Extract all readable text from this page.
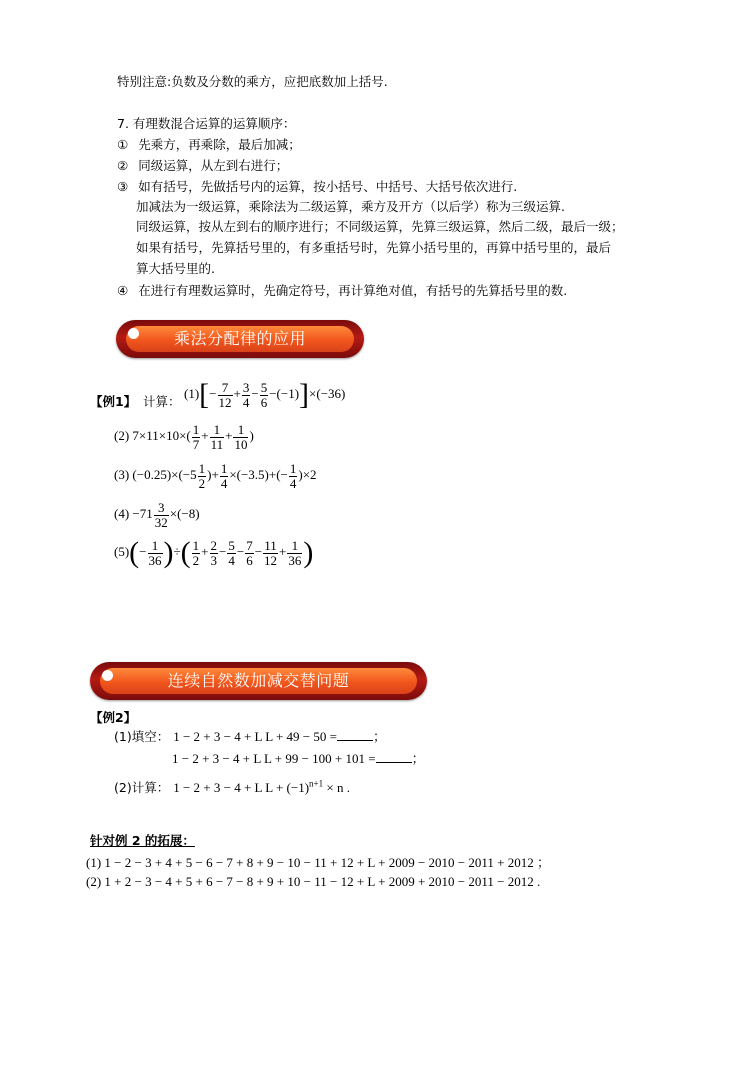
特别注意:负数及分数的乘方，应把底数加上括号.
7. 有理数混合运算的运算顺序：
① 先乘方，再乘除，最后加减；
② 同级运算，从左到右进行；
③ 如有括号，先做括号内的运算，按小括号、中括号、大括号依次进行.
加减法为一级运算，乘除法为二级运算，乘方及开方（以后学）称为三级运算.
同级运算，按从左到右的顺序进行；不同级运算，先算三级运算，然后二级，最后一级；
如果有括号，先算括号里的，有多重括号时，先算小括号里的，再算中括号里的，最后
算大括号里的.
④ 在进行有理数运算时，先确定符号，再计算绝对值，有括号的先算括号里的数.
乘法分配律的应用
【例1】 计算：
$(1)[- \frac{7}{12} + \frac{3}{4} - \frac{5}{6} -(-1)]\times(-36)$
(2) $7\times 11\times 10\times( \frac{1}{7} + \frac{1}{11} + \frac{1}{10}$ )
(3) $(-0.25)\times(-5 \frac{1}{2}$ )+ $\frac{1}{4} \times(-3.5)+(- \frac{1}{4} )\times 2$
$(4) -71 \frac{3}{32} \times(-8)$
$(5)(- \frac{1}{36}$ )÷( $\frac{1}{2} + \frac{2}{3} - \frac{5}{4} - \frac{7}{6} - \frac{11}{12} + \frac{1}{36}$ )
连续自然数加减交替问题
【例2】
(1)填空： 1 − 2 + 3 − 4 + L L + 49 − 50 =	；
1 − 2 + 3 − 4 + L L + 99 − 100 + 101 =	；
(2)计算： 1 − 2 + 3 − 4 + L $L + (-1)^{n+1} \times n$ .
针对例 2 的拓展：
(1) 1 − 2 − 3 + 4 + 5 − 6 − 7 + 8 + 9 − 10 − 11 + 12 + L + 2009 − 2010 − 2011 + 2012 ；
(2) 1 + 2 − 3 − 4 + 5 + 6 − 7 − 8 + 9 + 10 − 11 − 12 + L + 2009 + 2010 − 2011 − 2012 .
